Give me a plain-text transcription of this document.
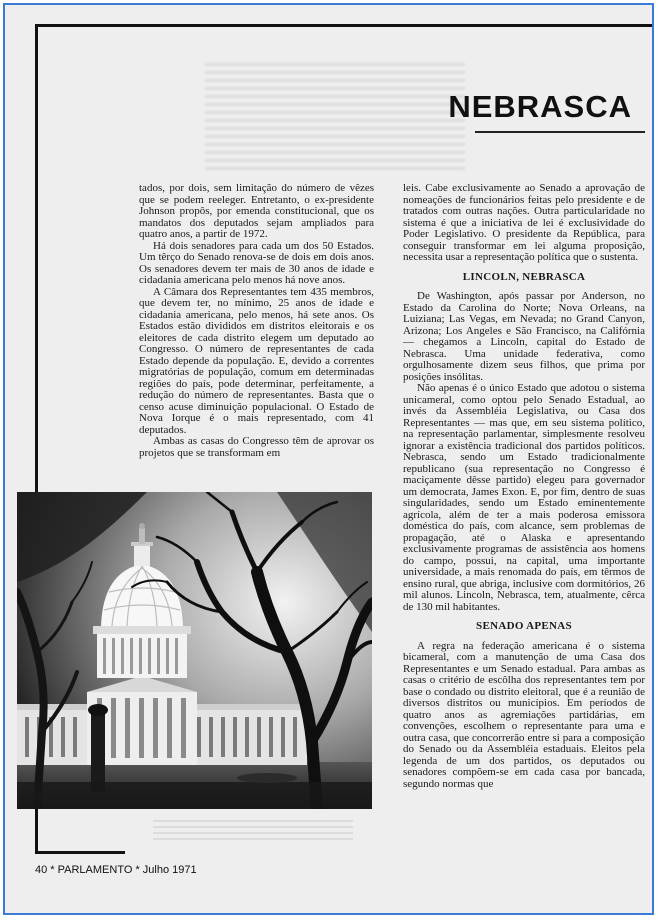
NEBRASCA

tados, por dois, sem limitação do número de vêzes que se podem reeleger. Entretanto, o ex-presidente Johnson propôs, por emenda constitucional, que os mandatos dos deputados sejam ampliados para quatro anos, a partir de 1972.

Há dois senadores para cada um dos 50 Estados. Um têrço do Senado renova-se de dois em dois anos. Os senadores devem ter mais de 30 anos de idade e cidadania americana pelo menos há nove anos.

A Câmara dos Representantes tem 435 membros, que devem ter, no mínimo, 25 anos de idade e cidadania americana, pelo menos, há sete anos. Os Estados estão divididos em distritos eleitorais e os eleitores de cada distrito elegem um deputado ao Congresso. O número de representantes de cada Estado depende da população. E, devido a correntes migratórias de população, comum em determinadas regiões do país, pode determinar, perfeitamente, a redução do número de representantes. Basta que o censo acuse diminuição populacional. O Estado de Nova Iorque é o mais representado, com 41 deputados.

Ambas as casas do Congresso têm de aprovar os projetos que se transformam em

leis. Cabe exclusivamente ao Senado a aprovação de nomeações de funcionários feitas pelo presidente e de tratados com outras nações. Outra particularidade no sistema é que a iniciativa de lei é exclusividade do Poder Legislativo. O presidente da República, para conseguir transformar em lei alguma proposição, necessita usar a representação política que o sustenta.

LINCOLN, NEBRASCA

De Washington, após passar por Anderson, no Estado da Carolina do Norte; Nova Orleans, na Luiziana; Las Vegas, em Nevada; no Grand Canyon, Arizona; Los Angeles e São Francisco, na Califórnia — chegamos a Lincoln, capital do Estado de Nebrasca. Uma unidade federativa, como orgulhosamente dizem seus filhos, que prima por posições insólitas.

Não apenas é o único Estado que adotou o sistema unicameral, como optou pelo Senado Estadual, ao invés da Assembléia Legislativa, ou Casa dos Representantes — mas que, em seu sistema político, na representação parlamentar, simplesmente resolveu ignorar a existência tradicional dos partidos políticos. Nebrasca, sendo um Estado tradicionalmente republicano (sua representação no Congresso é maciçamente dêsse partido) elegeu para governador um democrata, James Exon. E, por fim, dentro de suas singularidades, sendo um Estado eminentemente agrícola, além de ter a mais poderosa emissora doméstica do país, com alcance, sem problemas de propagação, até o Alaska e apresentando exclusivamente programas de assistência aos homens do campo, possui, na capital, uma importante universidade, a mais renomada do país, em têrmos de ensino rural, que abriga, inclusive com dormitórios, 26 mil alunos. Lincoln, Nebrasca, tem, atualmente, cêrca de 130 mil habitantes.

SENADO APENAS

A regra na federação americana é o sistema bicameral, com a manutenção de uma Casa dos Representantes e um Senado estadual. Para ambas as casas o critério de escôlha dos representantes tem por base o condado ou distrito eleitoral, que é a reunião de diversos distritos ou municípios. Em períodos de quatro anos as agremiações partidárias, em convenções, escolhem o representante para uma e outra casa, que concorrerão entre si para a composição do Senado ou da Assembléia estaduais. Eleitos pela legenda de um dos partidos, os deputados ou senadores compõem-se em cada casa por bancada, segundo normas que

40 * PARLAMENTO * Julho 1971
